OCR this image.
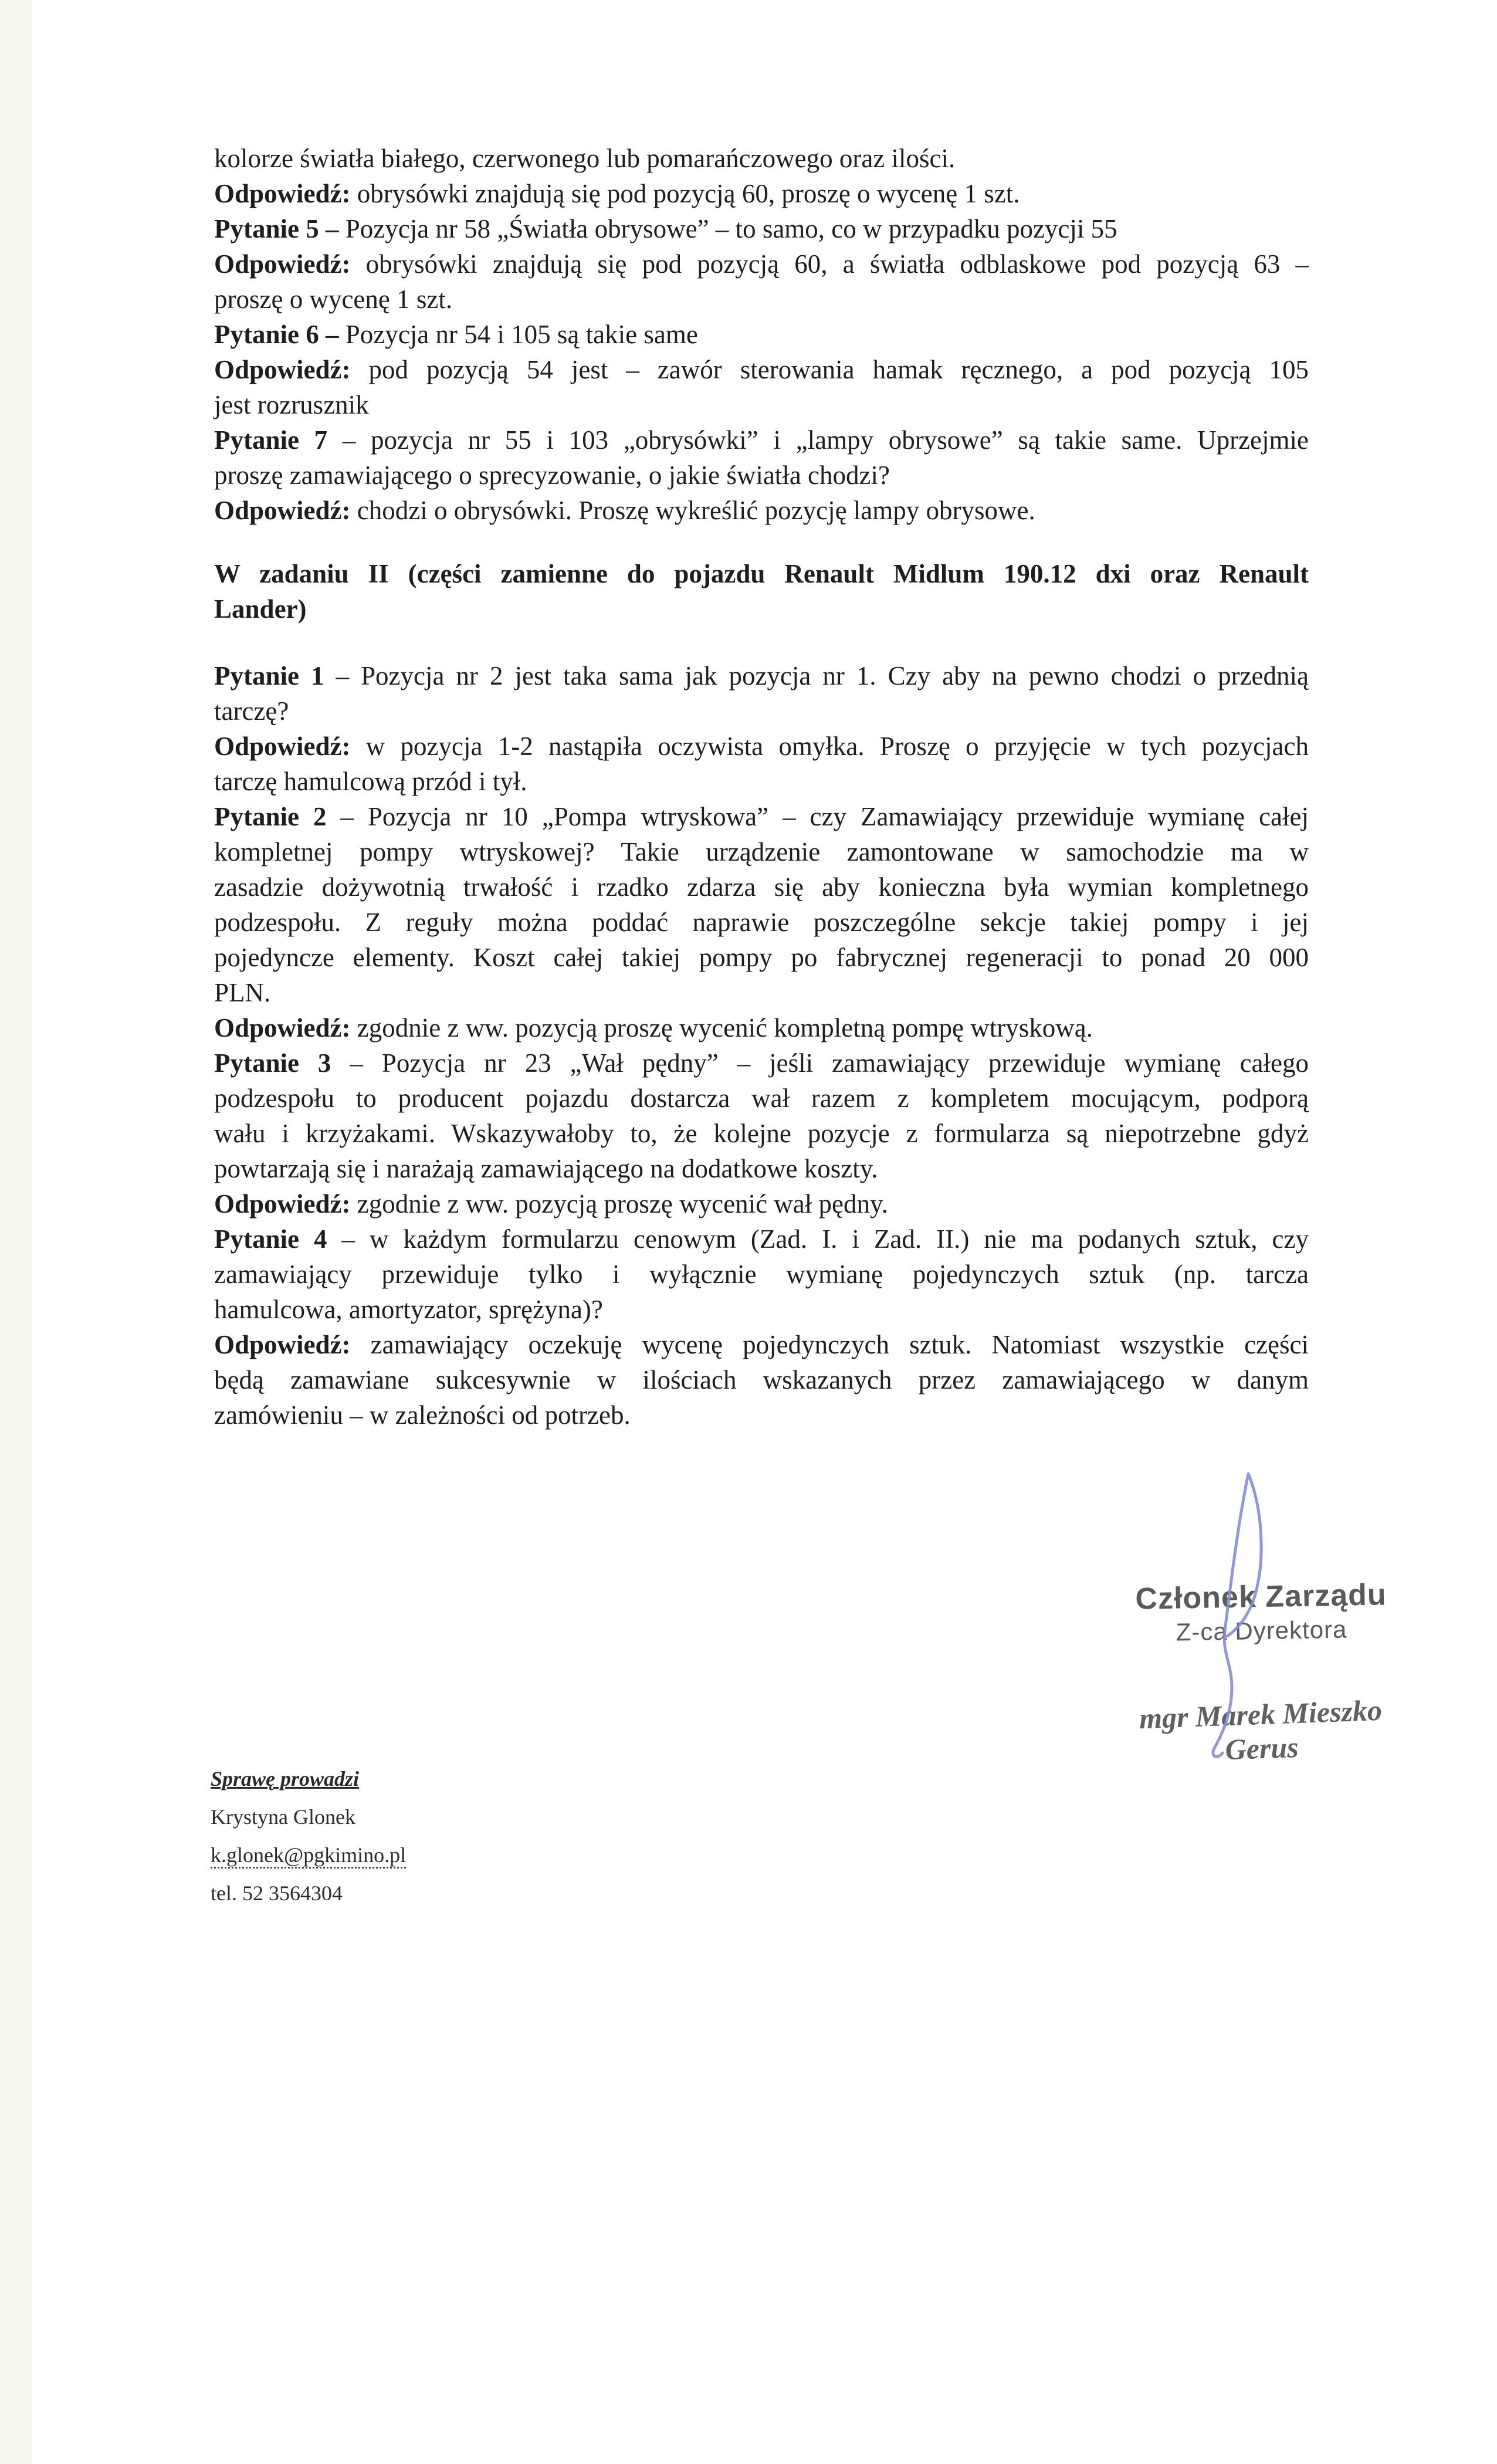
kolorze światła białego, czerwonego lub pomarańczowego oraz ilości.
Odpowiedź: obrysówki znajdują się pod pozycją 60, proszę o wycenę 1 szt.
Pytanie 5 – Pozycja nr 58 „Światła obrysowe” – to samo, co w przypadku pozycji 55
Odpowiedź: obrysówki znajdują się pod pozycją 60, a światła odblaskowe pod pozycją 63 –
proszę o wycenę 1 szt.
Pytanie 6 – Pozycja nr 54 i 105 są takie same
Odpowiedź: pod pozycją 54 jest – zawór sterowania hamak ręcznego, a pod pozycją 105
jest rozrusznik
Pytanie 7 – pozycja nr 55 i 103 „obrysówki” i „lampy obrysowe” są takie same. Uprzejmie
proszę zamawiającego o sprecyzowanie, o jakie światła chodzi?
Odpowiedź: chodzi o obrysówki. Proszę wykreślić pozycję lampy obrysowe.
W zadaniu II (części zamienne do pojazdu Renault Midlum 190.12 dxi oraz Renault
Lander)
Pytanie 1 – Pozycja nr 2 jest taka sama jak pozycja nr 1. Czy aby na pewno chodzi o przednią
tarczę?
Odpowiedź: w pozycja 1-2 nastąpiła oczywista omyłka. Proszę o przyjęcie w tych pozycjach
tarczę hamulcową przód i tył.
Pytanie 2 – Pozycja nr 10 „Pompa wtryskowa” – czy Zamawiający przewiduje wymianę całej
kompletnej pompy wtryskowej? Takie urządzenie zamontowane w samochodzie ma w
zasadzie dożywotnią trwałość i rzadko zdarza się aby konieczna była wymian kompletnego
podzespołu. Z reguły można poddać naprawie poszczególne sekcje takiej pompy i jej
pojedyncze elementy. Koszt całej takiej pompy po fabrycznej regeneracji to ponad 20 000
PLN.
Odpowiedź: zgodnie z ww. pozycją proszę wycenić kompletną pompę wtryskową.
Pytanie 3 – Pozycja nr 23 „Wał pędny” – jeśli zamawiający przewiduje wymianę całego
podzespołu to producent pojazdu dostarcza wał razem z kompletem mocującym, podporą
wału i krzyżakami. Wskazywałoby to, że kolejne pozycje z formularza są niepotrzebne gdyż
powtarzają się i narażają zamawiającego na dodatkowe koszty.
Odpowiedź: zgodnie z ww. pozycją proszę wycenić wał pędny.
Pytanie 4 – w każdym formularzu cenowym (Zad. I. i Zad. II.) nie ma podanych sztuk, czy
zamawiający przewiduje tylko i wyłącznie wymianę pojedynczych sztuk (np. tarcza
hamulcowa, amortyzator, sprężyna)?
Odpowiedź: zamawiający oczekuję wycenę pojedynczych sztuk. Natomiast wszystkie części
będą zamawiane sukcesywnie w ilościach wskazanych przez zamawiającego w danym
zamówieniu – w zależności od potrzeb.
Członek Zarządu
Z-ca Dyrektora
mgr Marek Mieszko Gerus
Sprawę prowadzi
Krystyna Glonek
k.glonek@pgkimino.pl
tel. 52 3564304
